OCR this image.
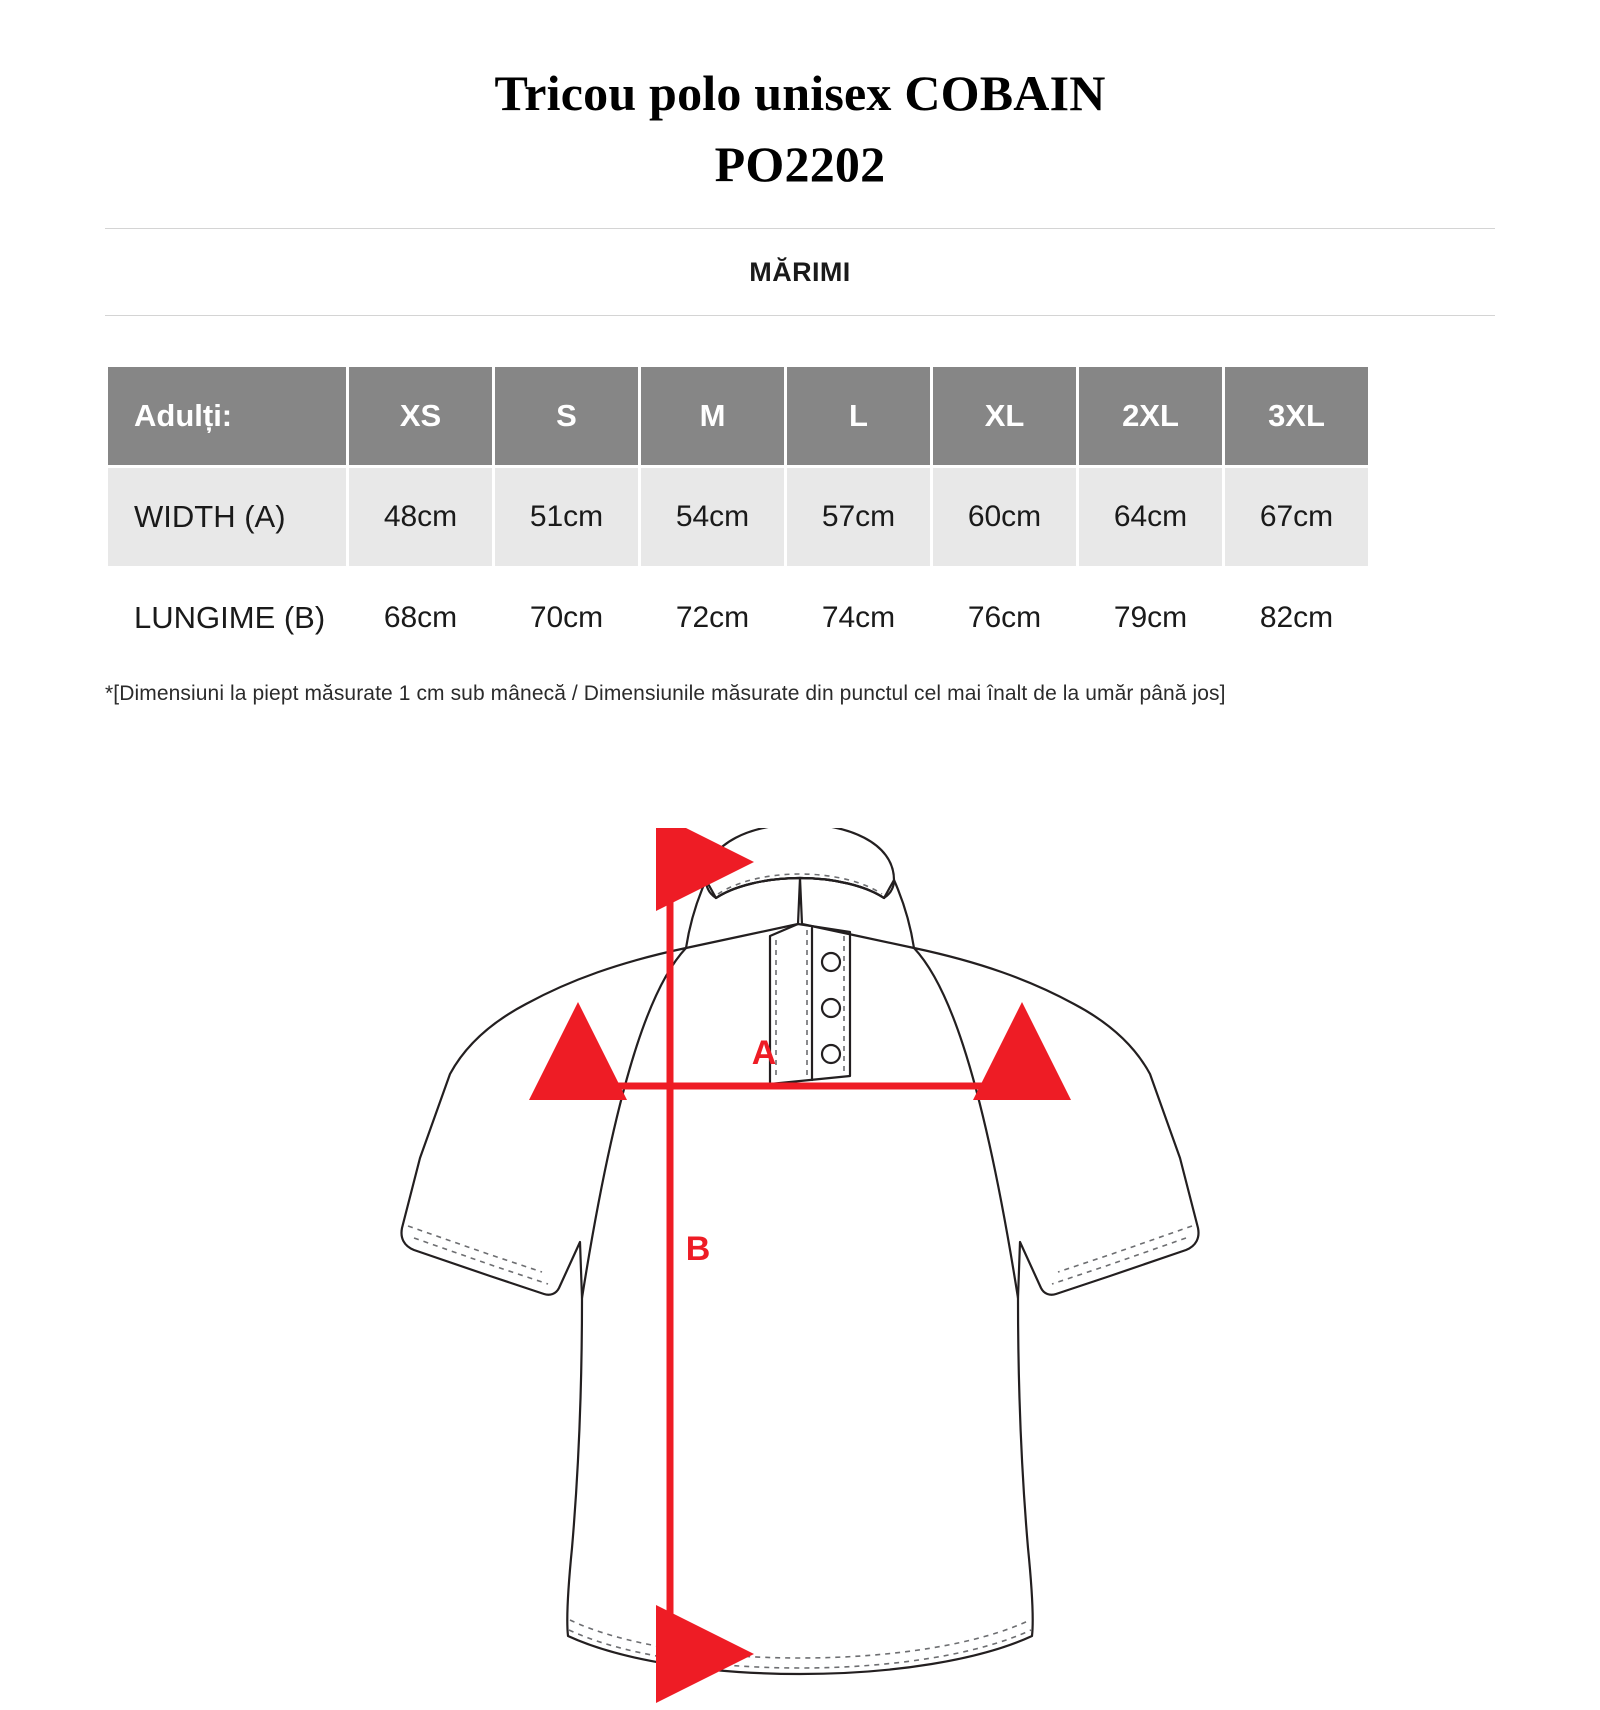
Tricou polo unisex COBAIN
PO2202
MĂRIMI
Adulți:	XS	S	M	L	XL	2XL	3XL
WIDTH (A)	48cm	51cm	54cm	57cm	60cm	64cm	67cm
LUNGIME (B)	68cm	70cm	72cm	74cm	76cm	79cm	82cm
*[Dimensiuni la piept măsurate 1 cm sub mânecă / Dimensiunile măsurate din punctul cel mai înalt de la umăr până jos]
A
B
